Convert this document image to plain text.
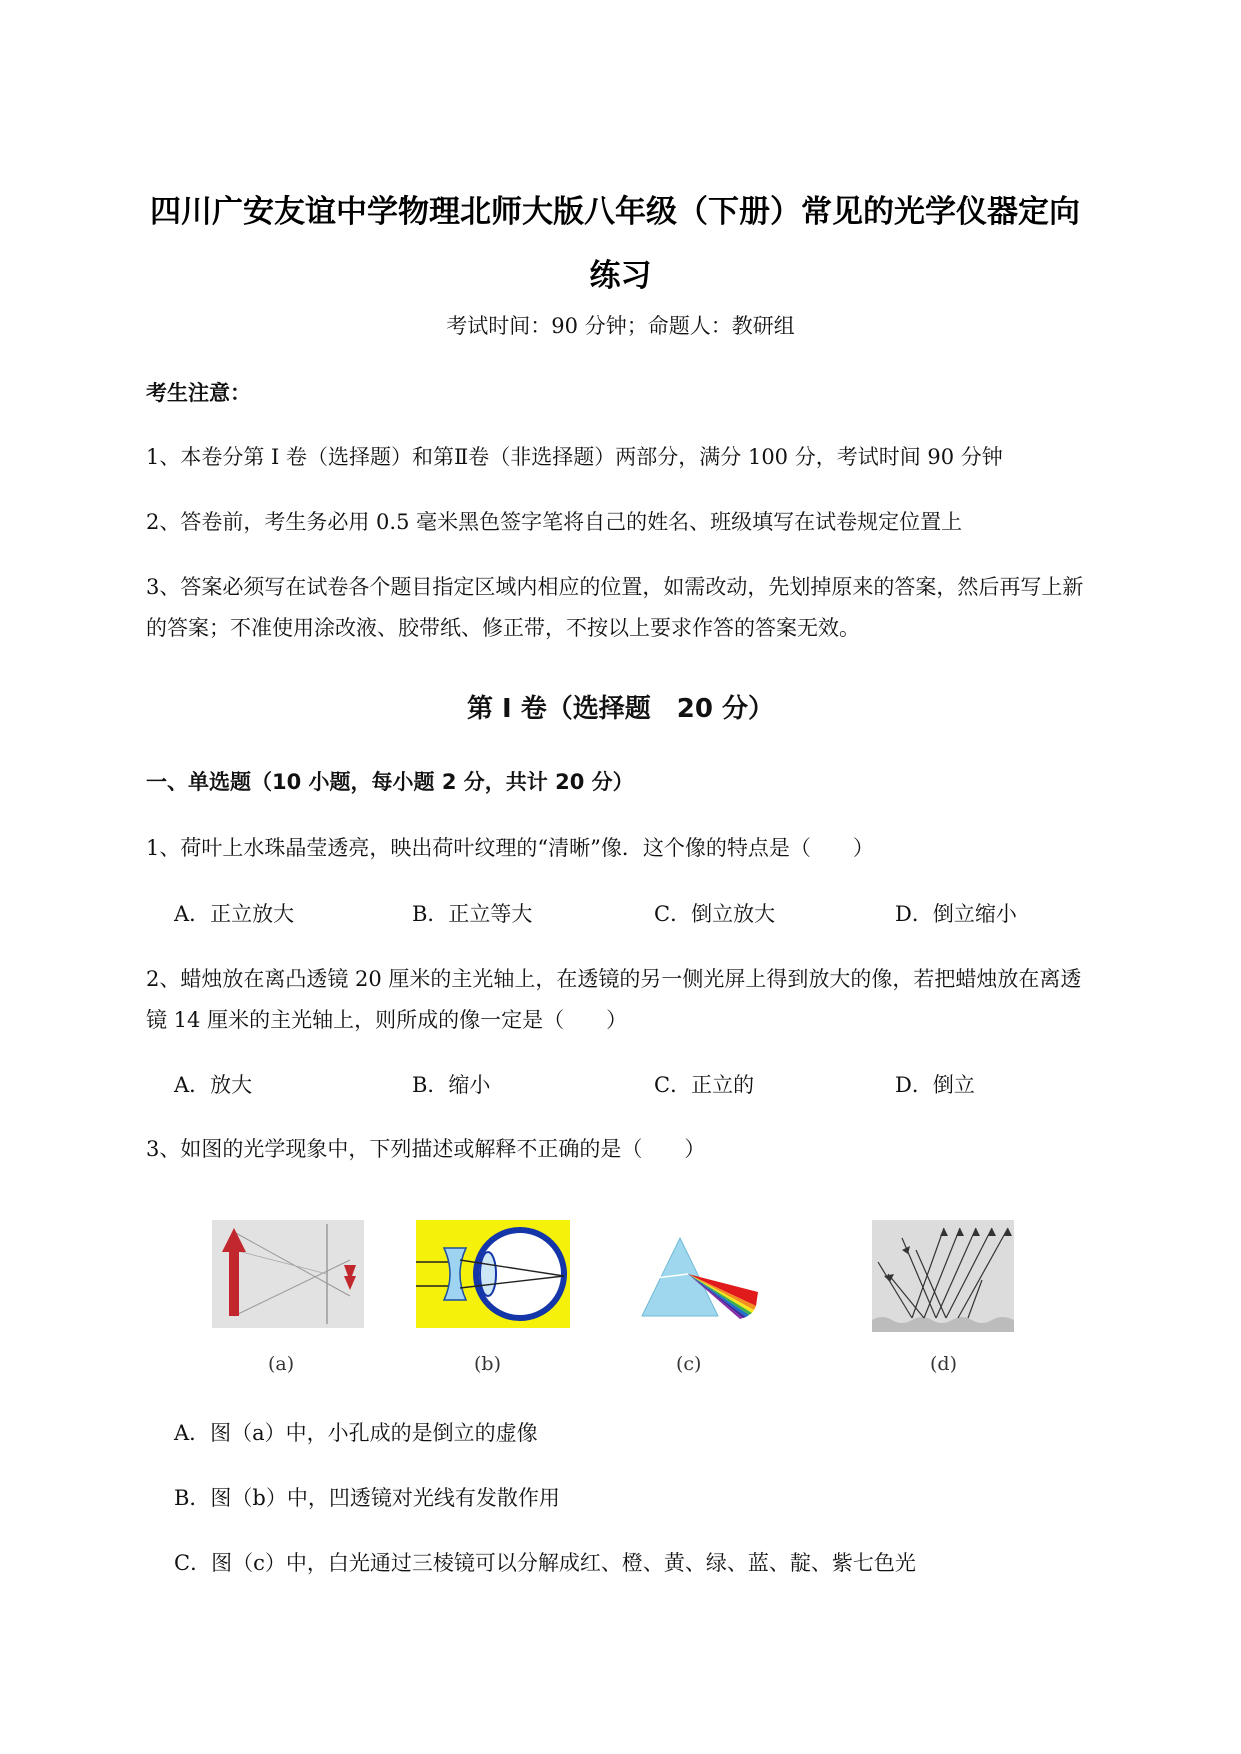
四川广安友谊中学物理北师大版八年级（下册）常见的光学仪器定向
练习
考试时间：90 分钟；命题人：教研组
考生注意：
1、本卷分第 I 卷（选择题）和第Ⅱ卷（非选择题）两部分，满分 100 分，考试时间 90 分钟
2、答卷前，考生务必用 0.5 毫米黑色签字笔将自己的姓名、班级填写在试卷规定位置上
3、答案必须写在试卷各个题目指定区域内相应的位置，如需改动，先划掉原来的答案，然后再写上新
的答案；不准使用涂改液、胶带纸、修正带，不按以上要求作答的答案无效。
第 I 卷（选择题　20 分）
一、单选题（10 小题，每小题 2 分，共计 20 分）
1、荷叶上水珠晶莹透亮，映出荷叶纹理的“清晰”像．这个像的特点是（　　）
A．正立放大	B．正立等大	C．倒立放大	D．倒立缩小
2、蜡烛放在离凸透镜 20 厘米的主光轴上，在透镜的另一侧光屏上得到放大的像，若把蜡烛放在离透
镜 14 厘米的主光轴上，则所成的像一定是（　　）
A．放大	B．缩小	C．正立的	D．倒立
3、如图的光学现象中，下列描述或解释不正确的是（　　）
(a)	(b)	(c)	(d)
A．图（a）中，小孔成的是倒立的虚像
B．图（b）中，凹透镜对光线有发散作用
C．图（c）中，白光通过三棱镜可以分解成红、橙、黄、绿、蓝、靛、紫七色光
